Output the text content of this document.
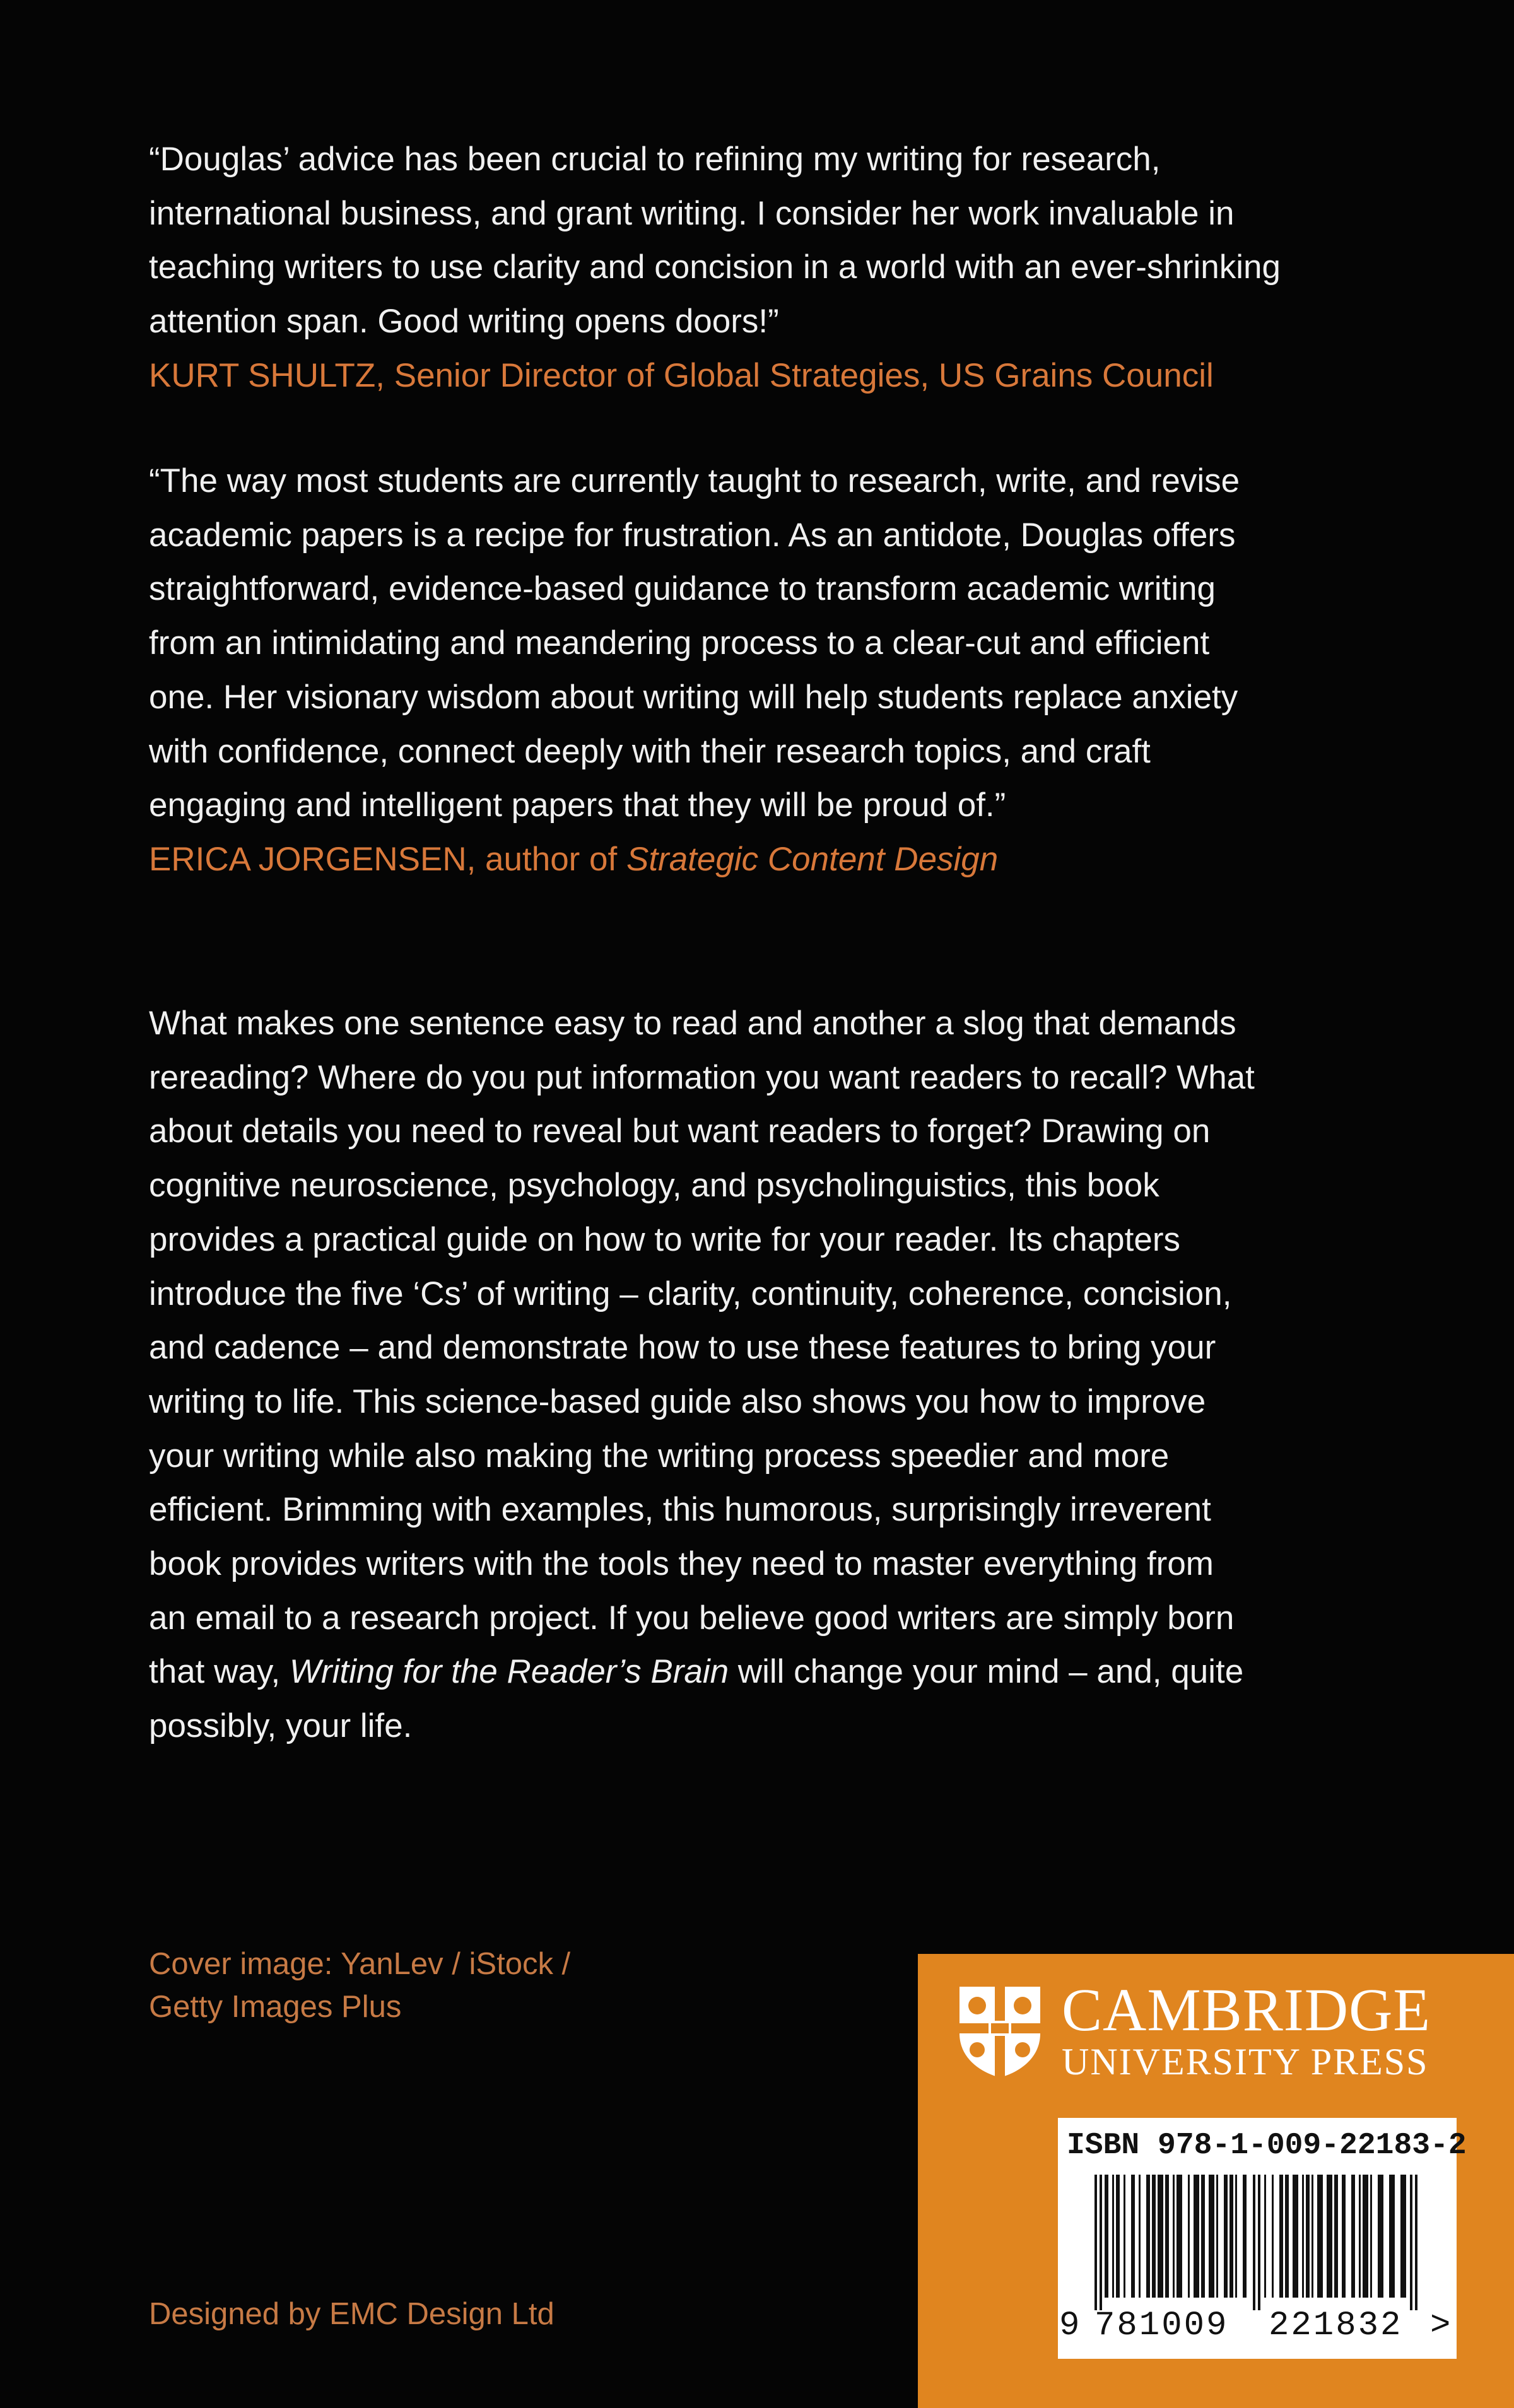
“Douglas’ advice has been crucial to refining my writing for research,
international business, and grant writing. I consider her work invaluable in
teaching writers to use clarity and concision in a world with an ever-shrinking
attention span. Good writing opens doors!”

KURT SHULTZ, Senior Director of Global Strategies, US Grains Council

“The way most students are currently taught to research, write, and revise
academic papers is a recipe for frustration. As an antidote, Douglas offers
straightforward, evidence-based guidance to transform academic writing
from an intimidating and meandering process to a clear-cut and efficient
one. Her visionary wisdom about writing will help students replace anxiety
with confidence, connect deeply with their research topics, and craft
engaging and intelligent papers that they will be proud of.”

ERICA JORGENSEN, author of Strategic Content Design

What makes one sentence easy to read and another a slog that demands
rereading? Where do you put information you want readers to recall? What
about details you need to reveal but want readers to forget? Drawing on
cognitive neuroscience, psychology, and psycholinguistics, this book
provides a practical guide on how to write for your reader. Its chapters
introduce the five ‘Cs’ of writing – clarity, continuity, coherence, concision,
and cadence – and demonstrate how to use these features to bring your
writing to life. This science-based guide also shows you how to improve
your writing while also making the writing process speedier and more
efficient. Brimming with examples, this humorous, surprisingly irreverent
book provides writers with the tools they need to master everything from
an email to a research project. If you believe good writers are simply born
that way, Writing for the Reader’s Brain will change your mind – and, quite
possibly, your life.

Cover image: YanLev / iStock /
Getty Images Plus
Designed by EMC Design Ltd
CAMBRIDGE
UNIVERSITY PRESS
ISBN 978-1-009-22183-2
9 781009 221832 >
